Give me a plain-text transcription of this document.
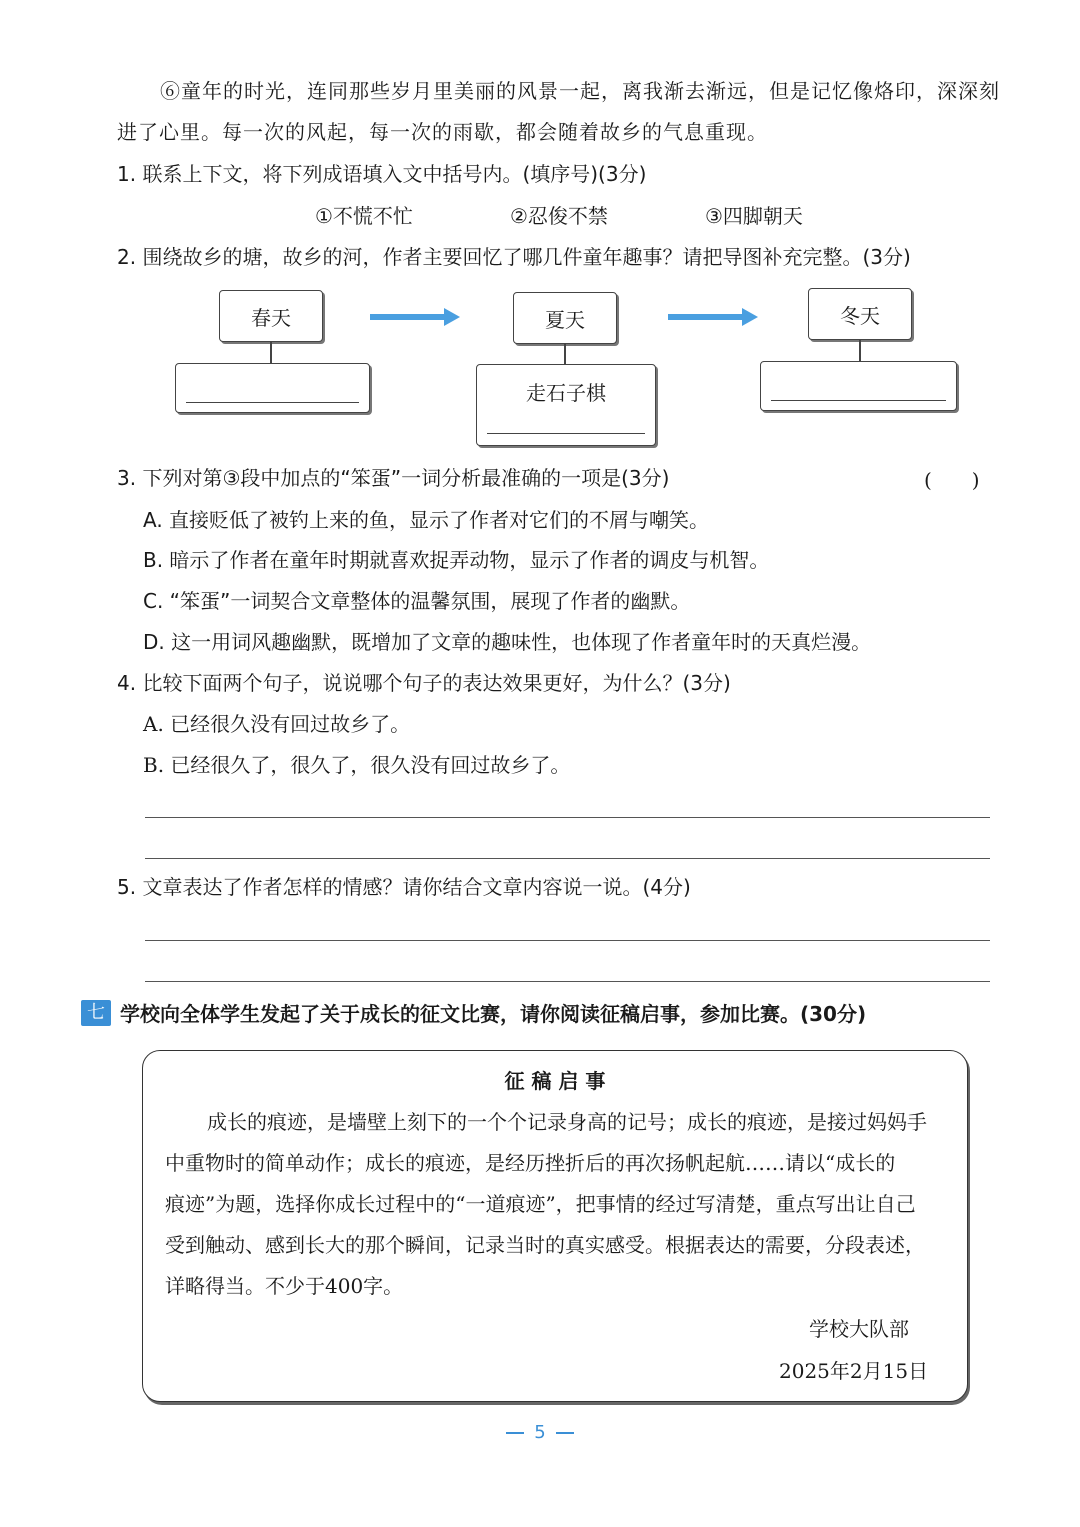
⑥童年的时光，连同那些岁月里美丽的风景一起，离我渐去渐远，但是记忆像烙印，深深刻
进了心里。每一次的风起，每一次的雨歇，都会随着故乡的气息重现。
1. 联系上下文，将下列成语填入文中括号内。(填序号)(3分)
①不慌不忙	②忍俊不禁	③四脚朝天
2. 围绕故乡的塘，故乡的河，作者主要回忆了哪几件童年趣事？请把导图补充完整。(3分)
春天	夏天
走石子棋
冬天
3. 下列对第③段中加点的“笨蛋”一词分析最准确的一项是(3分)	(　　)
A. 直接贬低了被钓上来的鱼，显示了作者对它们的不屑与嘲笑。
B. 暗示了作者在童年时期就喜欢捉弄动物，显示了作者的调皮与机智。
C. “笨蛋”一词契合文章整体的温馨氛围，展现了作者的幽默。
D. 这一用词风趣幽默，既增加了文章的趣味性，也体现了作者童年时的天真烂漫。
4. 比较下面两个句子，说说哪个句子的表达效果更好，为什么？(3分)
A. 已经很久没有回过故乡了。
B. 已经很久了，很久了，很久没有回过故乡了。
5. 文章表达了作者怎样的情感？请你结合文章内容说一说。(4分)
七 学校向全体学生发起了关于成长的征文比赛，请你阅读征稿启事，参加比赛。(30分)
征 稿 启 事
成长的痕迹，是墙壁上刻下的一个个记录身高的记号；成长的痕迹，是接过妈妈手
中重物时的简单动作；成长的痕迹，是经历挫折后的再次扬帆起航……请以“成长的
痕迹”为题，选择你成长过程中的“一道痕迹”，把事情的经过写清楚，重点写出让自己
受到触动、感到长大的那个瞬间，记录当时的真实感受。根据表达的需要，分段表述，
详略得当。不少于400字。
学校大队部
2025年2月15日
5
